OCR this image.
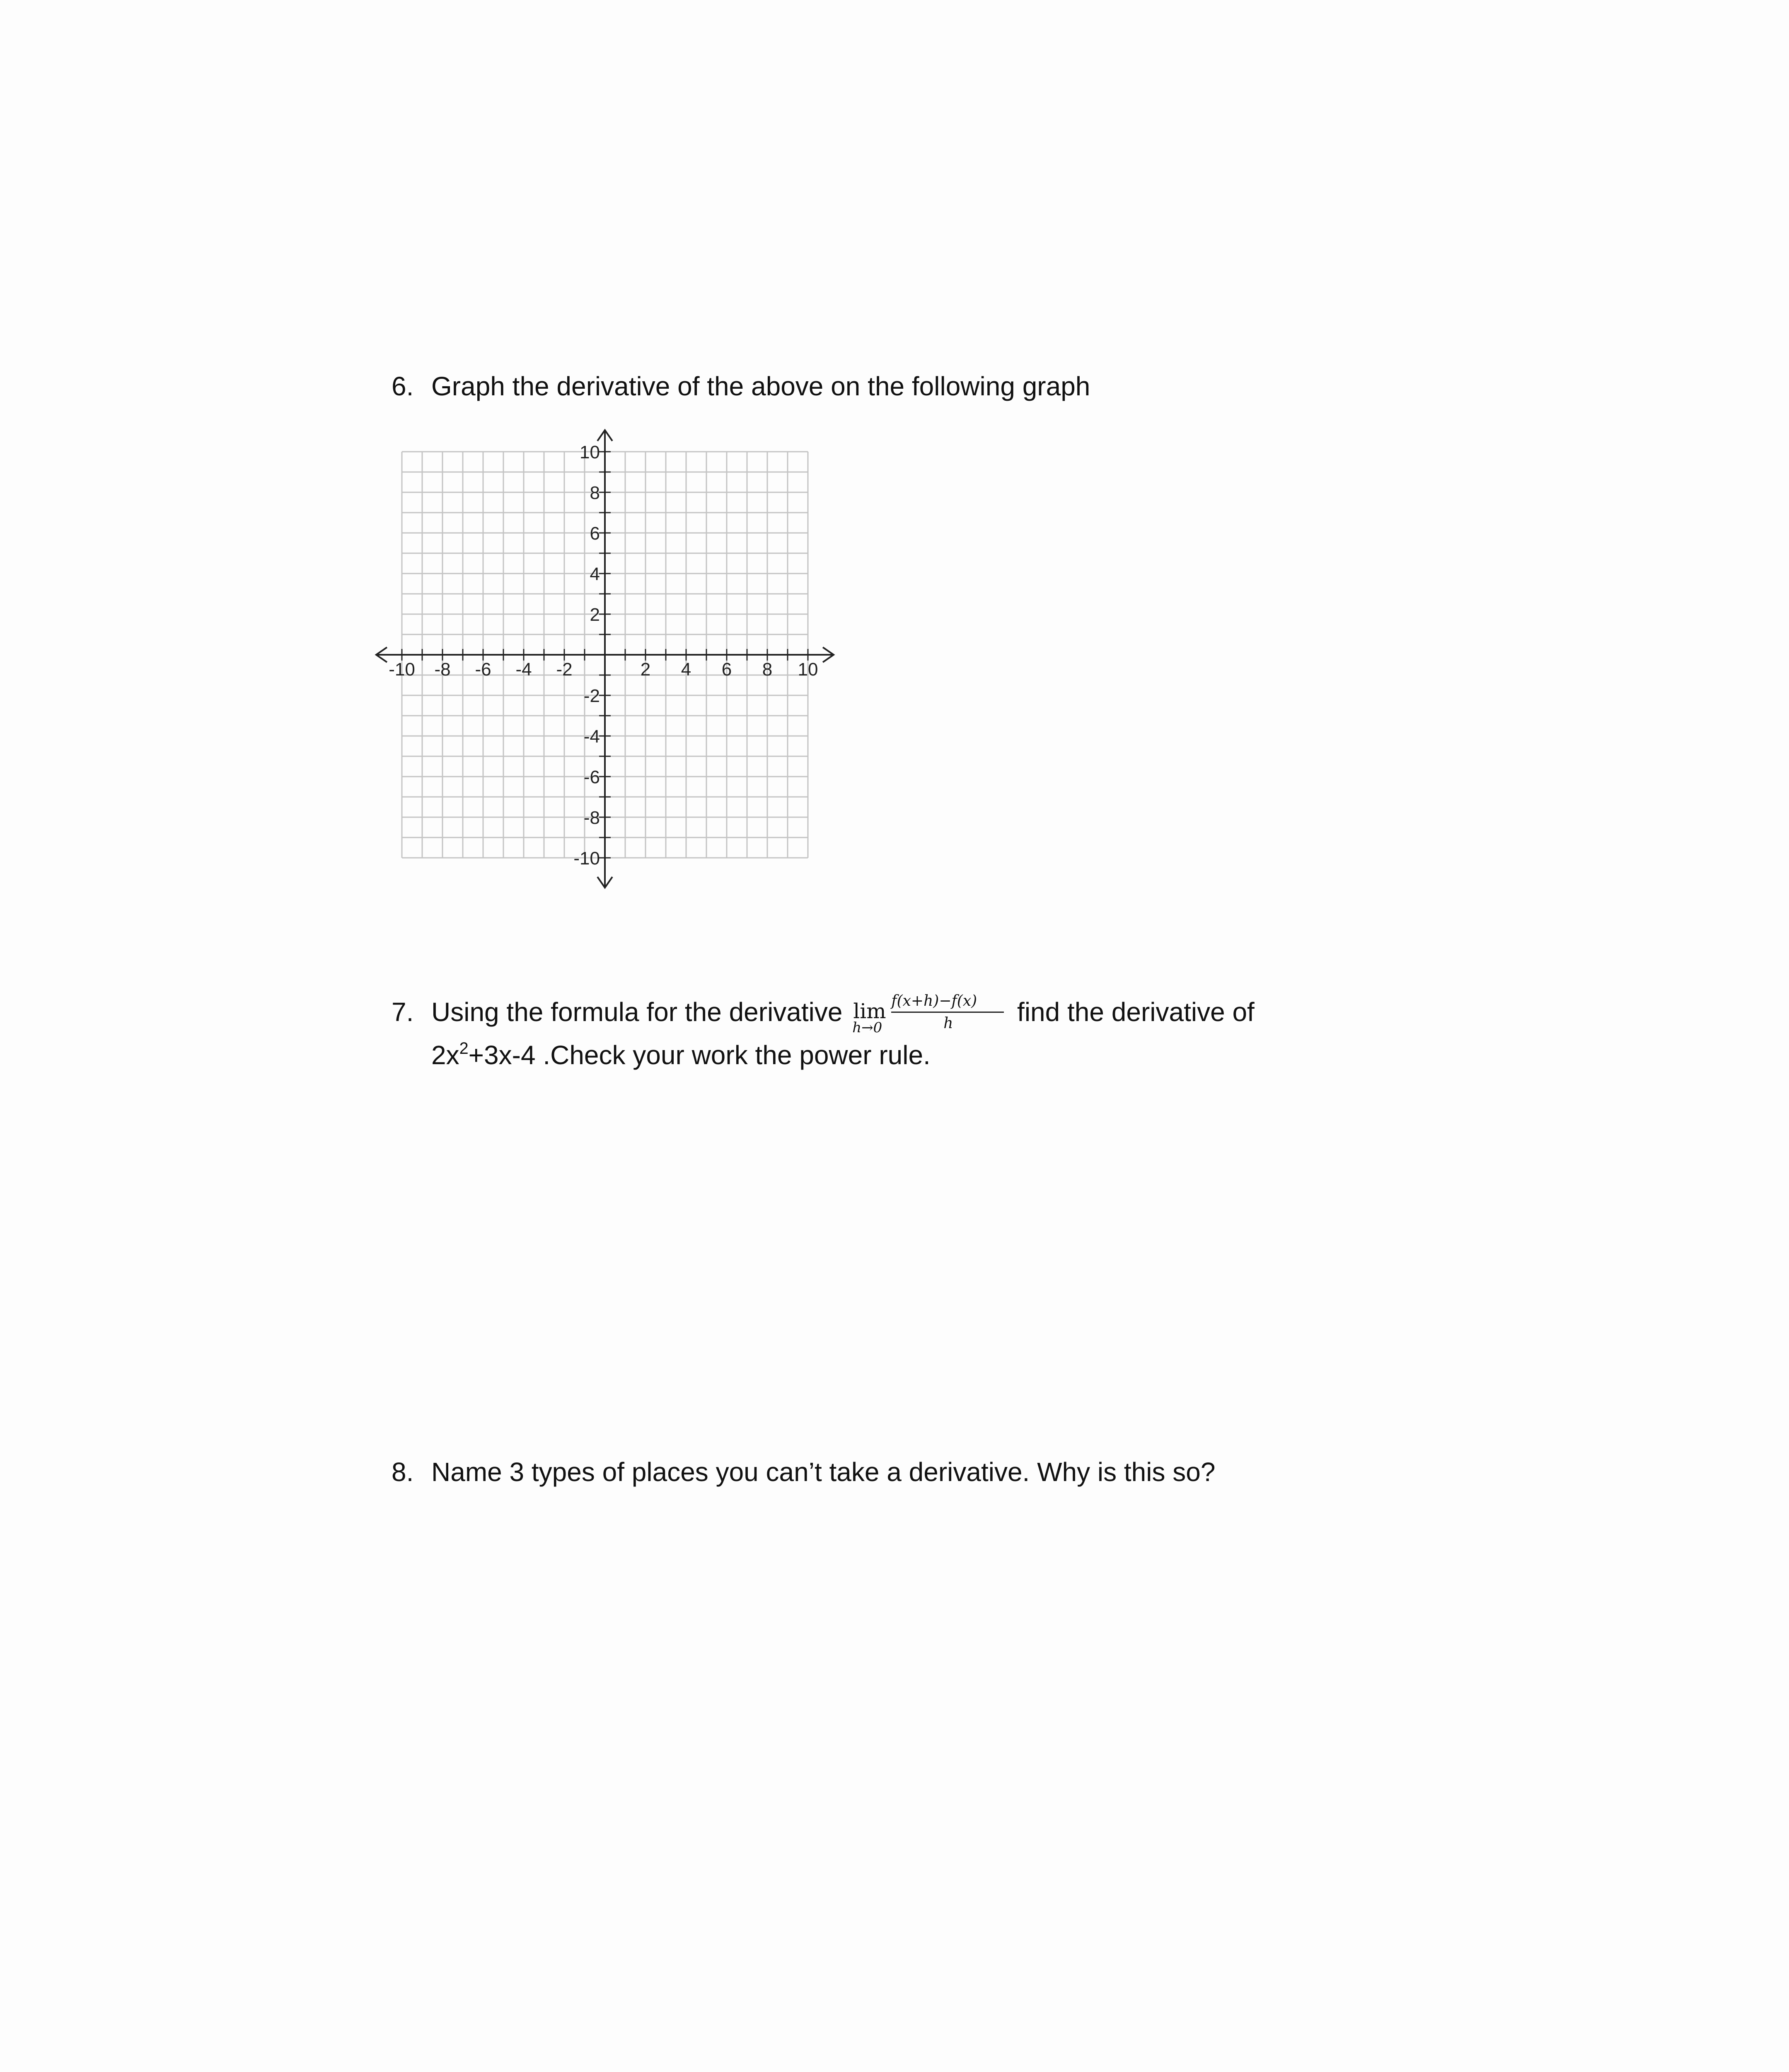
6. Graph the derivative of the above on the following graph
-10 -8 -6 -4 -2	2 4 6 8 10
10
8
6
4
2
-2
-4
-6
-8
-10
7. Using the formula for the derivative lim
h→0
f(x+h)−f(x)
h find the derivative of
$2x^2+3x-4$ .Check your work the power rule.
8. Name 3 types of places you can’t take a derivative. Why is this so?
